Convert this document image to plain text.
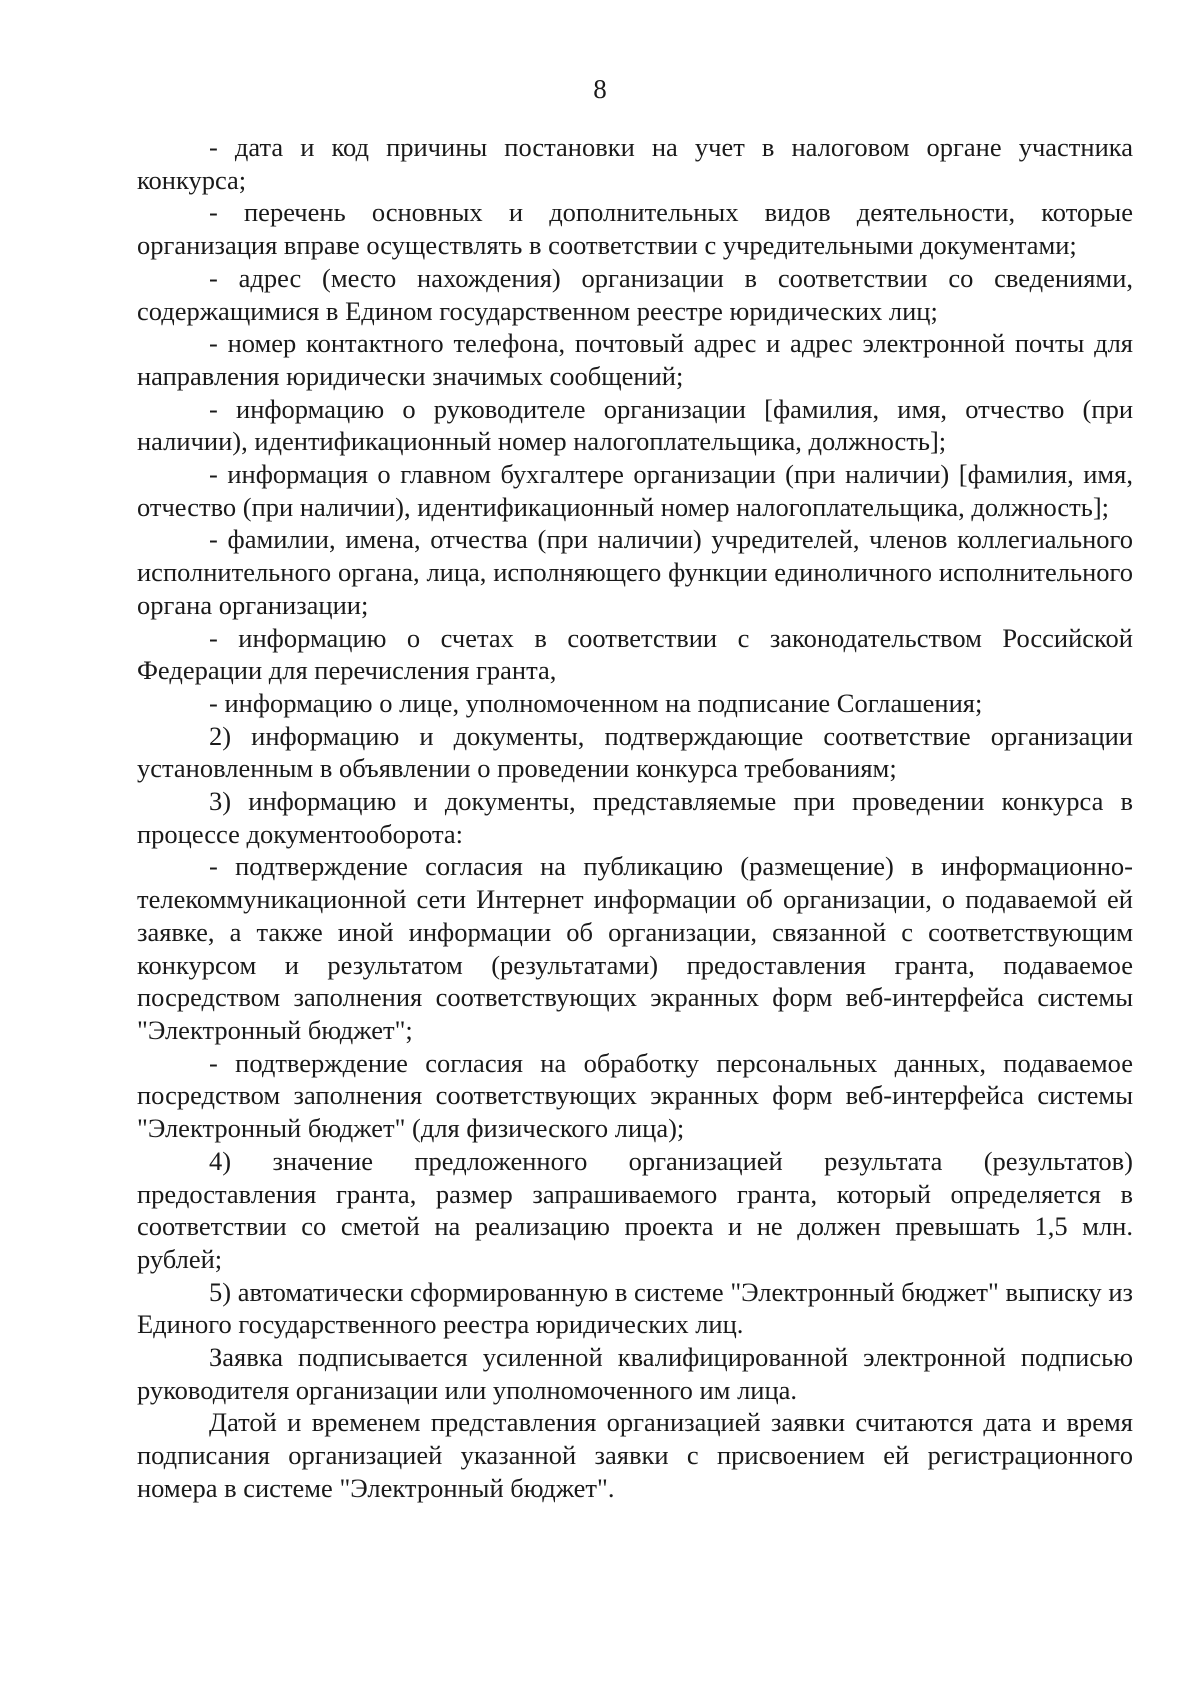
8

- дата и код причины постановки на учет в налоговом органе участника конкурса;

- перечень основных и дополнительных видов деятельности, которые организация вправе осуществлять в соответствии с учредительными документами;

- адрес (место нахождения) организации в соответствии со сведениями, содержащимися в Едином государственном реестре юридических лиц;

- номер контактного телефона, почтовый адрес и адрес электронной почты для направления юридически значимых сообщений;

- информацию о руководителе организации [фамилия, имя, отчество (при наличии), идентификационный номер налогоплательщика, должность];

- информация о главном бухгалтере организации (при наличии) [фамилия, имя, отчество (при наличии), идентификационный номер налогоплательщика, должность];

- фамилии, имена, отчества (при наличии) учредителей, членов коллегиального исполнительного органа, лица, исполняющего функции единоличного исполнительного органа организации;

- информацию о счетах в соответствии с законодательством Российской Федерации для перечисления гранта,

- информацию о лице, уполномоченном на подписание Соглашения;

2) информацию и документы, подтверждающие соответствие организации установленным в объявлении о проведении конкурса требованиям;

3) информацию и документы, представляемые при проведении конкурса в процессе документооборота:

- подтверждение согласия на публикацию (размещение) в информационно-телекоммуникационной сети Интернет информации об организации, о подаваемой ей заявке, а также иной информации об организации, связанной с соответствующим конкурсом и результатом (результатами) предоставления гранта, подаваемое посредством заполнения соответствующих экранных форм веб-интерфейса системы "Электронный бюджет";

- подтверждение согласия на обработку персональных данных, подаваемое посредством заполнения соответствующих экранных форм веб-интерфейса системы "Электронный бюджет" (для физического лица);

4) значение предложенного организацией результата (результатов) предоставления гранта, размер запрашиваемого гранта, который определяется в соответствии со сметой на реализацию проекта и не должен превышать 1,5 млн. рублей;

5) автоматически сформированную в системе "Электронный бюджет" выписку из Единого государственного реестра юридических лиц.

Заявка подписывается усиленной квалифицированной электронной подписью руководителя организации или уполномоченного им лица.

Датой и временем представления организацией заявки считаются дата и время подписания организацией указанной заявки с присвоением ей регистрационного номера в системе "Электронный бюджет".
